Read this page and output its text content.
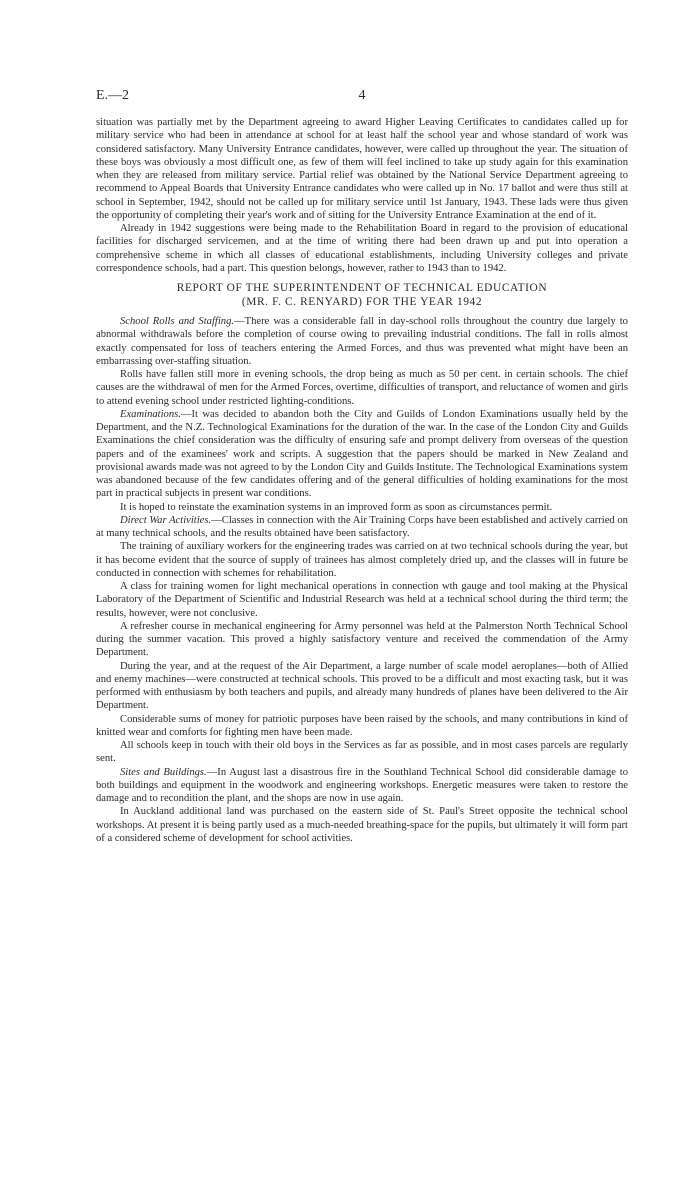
E.—2	4

situation was partially met by the Department agreeing to award Higher Leaving Certificates to candidates called up for military service who had been in attendance at school for at least half the school year and whose standard of work was considered satisfactory. Many University Entrance candidates, however, were called up throughout the year. The situation of these boys was obviously a most difficult one, as few of them will feel inclined to take up study again for this examination when they are released from military service. Partial relief was obtained by the National Service Department agreeing to recommend to Appeal Boards that University Entrance candidates who were called up in No. 17 ballot and were thus still at school in September, 1942, should not be called up for military service until 1st January, 1943. These lads were thus given the opportunity of completing their year's work and of sitting for the University Entrance Examination at the end of it.

Already in 1942 suggestions were being made to the Rehabilitation Board in regard to the provision of educational facilities for discharged servicemen, and at the time of writing there had been drawn up and put into operation a comprehensive scheme in which all classes of educational establishments, including University colleges and private correspondence schools, had a part. This question belongs, however, rather to 1943 than to 1942.

REPORT OF THE SUPERINTENDENT OF TECHNICAL EDUCATION
(MR. F. C. RENYARD) FOR THE YEAR 1942

School Rolls and Staffing.—There was a considerable fall in day-school rolls throughout the country due largely to abnormal withdrawals before the completion of course owing to prevailing industrial conditions. The fall in rolls almost exactly compensated for loss of teachers entering the Armed Forces, and thus was prevented what might have been an embarrassing over-staffing situation.

Rolls have fallen still more in evening schools, the drop being as much as 50 per cent. in certain schools. The chief causes are the withdrawal of men for the Armed Forces, overtime, difficulties of transport, and reluctance of women and girls to attend evening school under restricted lighting-conditions.

Examinations.—It was decided to abandon both the City and Guilds of London Examinations usually held by the Department, and the N.Z. Technological Examinations for the duration of the war. In the case of the London City and Guilds Examinations the chief consideration was the difficulty of ensuring safe and prompt delivery from overseas of the question papers and of the examinees' work and scripts. A suggestion that the papers should be marked in New Zealand and provisional awards made was not agreed to by the London City and Guilds Institute. The Technological Examinations system was abandoned because of the few candidates offering and of the general difficulties of holding examinations for the most part in practical subjects in present war conditions.

It is hoped to reinstate the examination systems in an improved form as soon as circumstances permit.

Direct War Activities.—Classes in connection with the Air Training Corps have been established and actively carried on at many technical schools, and the results obtained have been satisfactory.

The training of auxiliary workers for the engineering trades was carried on at two technical schools during the year, but it has become evident that the source of supply of trainees has almost completely dried up, and the classes will in future be conducted in connection with schemes for rehabilitation.

A class for training women for light mechanical operations in connection wth gauge and tool making at the Physical Laboratory of the Department of Scientific and Industrial Research was held at a technical school during the third term; the results, however, were not conclusive.

A refresher course in mechanical engineering for Army personnel was held at the Palmerston North Technical School during the summer vacation. This proved a highly satisfactory venture and received the commendation of the Army Department.

During the year, and at the request of the Air Department, a large number of scale model aeroplanes—both of Allied and enemy machines—were constructed at technical schools. This proved to be a difficult and most exacting task, but it was performed with enthusiasm by both teachers and pupils, and already many hundreds of planes have been delivered to the Air Department.

Considerable sums of money for patriotic purposes have been raised by the schools, and many contributions in kind of knitted wear and comforts for fighting men have been made.

All schools keep in touch with their old boys in the Services as far as possible, and in most cases parcels are regularly sent.

Sites and Buildings.—In August last a disastrous fire in the Southland Technical School did considerable damage to both buildings and equipment in the woodwork and engineering workshops. Energetic measures were taken to restore the damage and to recondition the plant, and the shops are now in use again.

In Auckland additional land was purchased on the eastern side of St. Paul's Street opposite the technical school workshops. At present it is being partly used as a much-needed breathing-space for the pupils, but ultimately it will form part of a considered scheme of development for school activities.
